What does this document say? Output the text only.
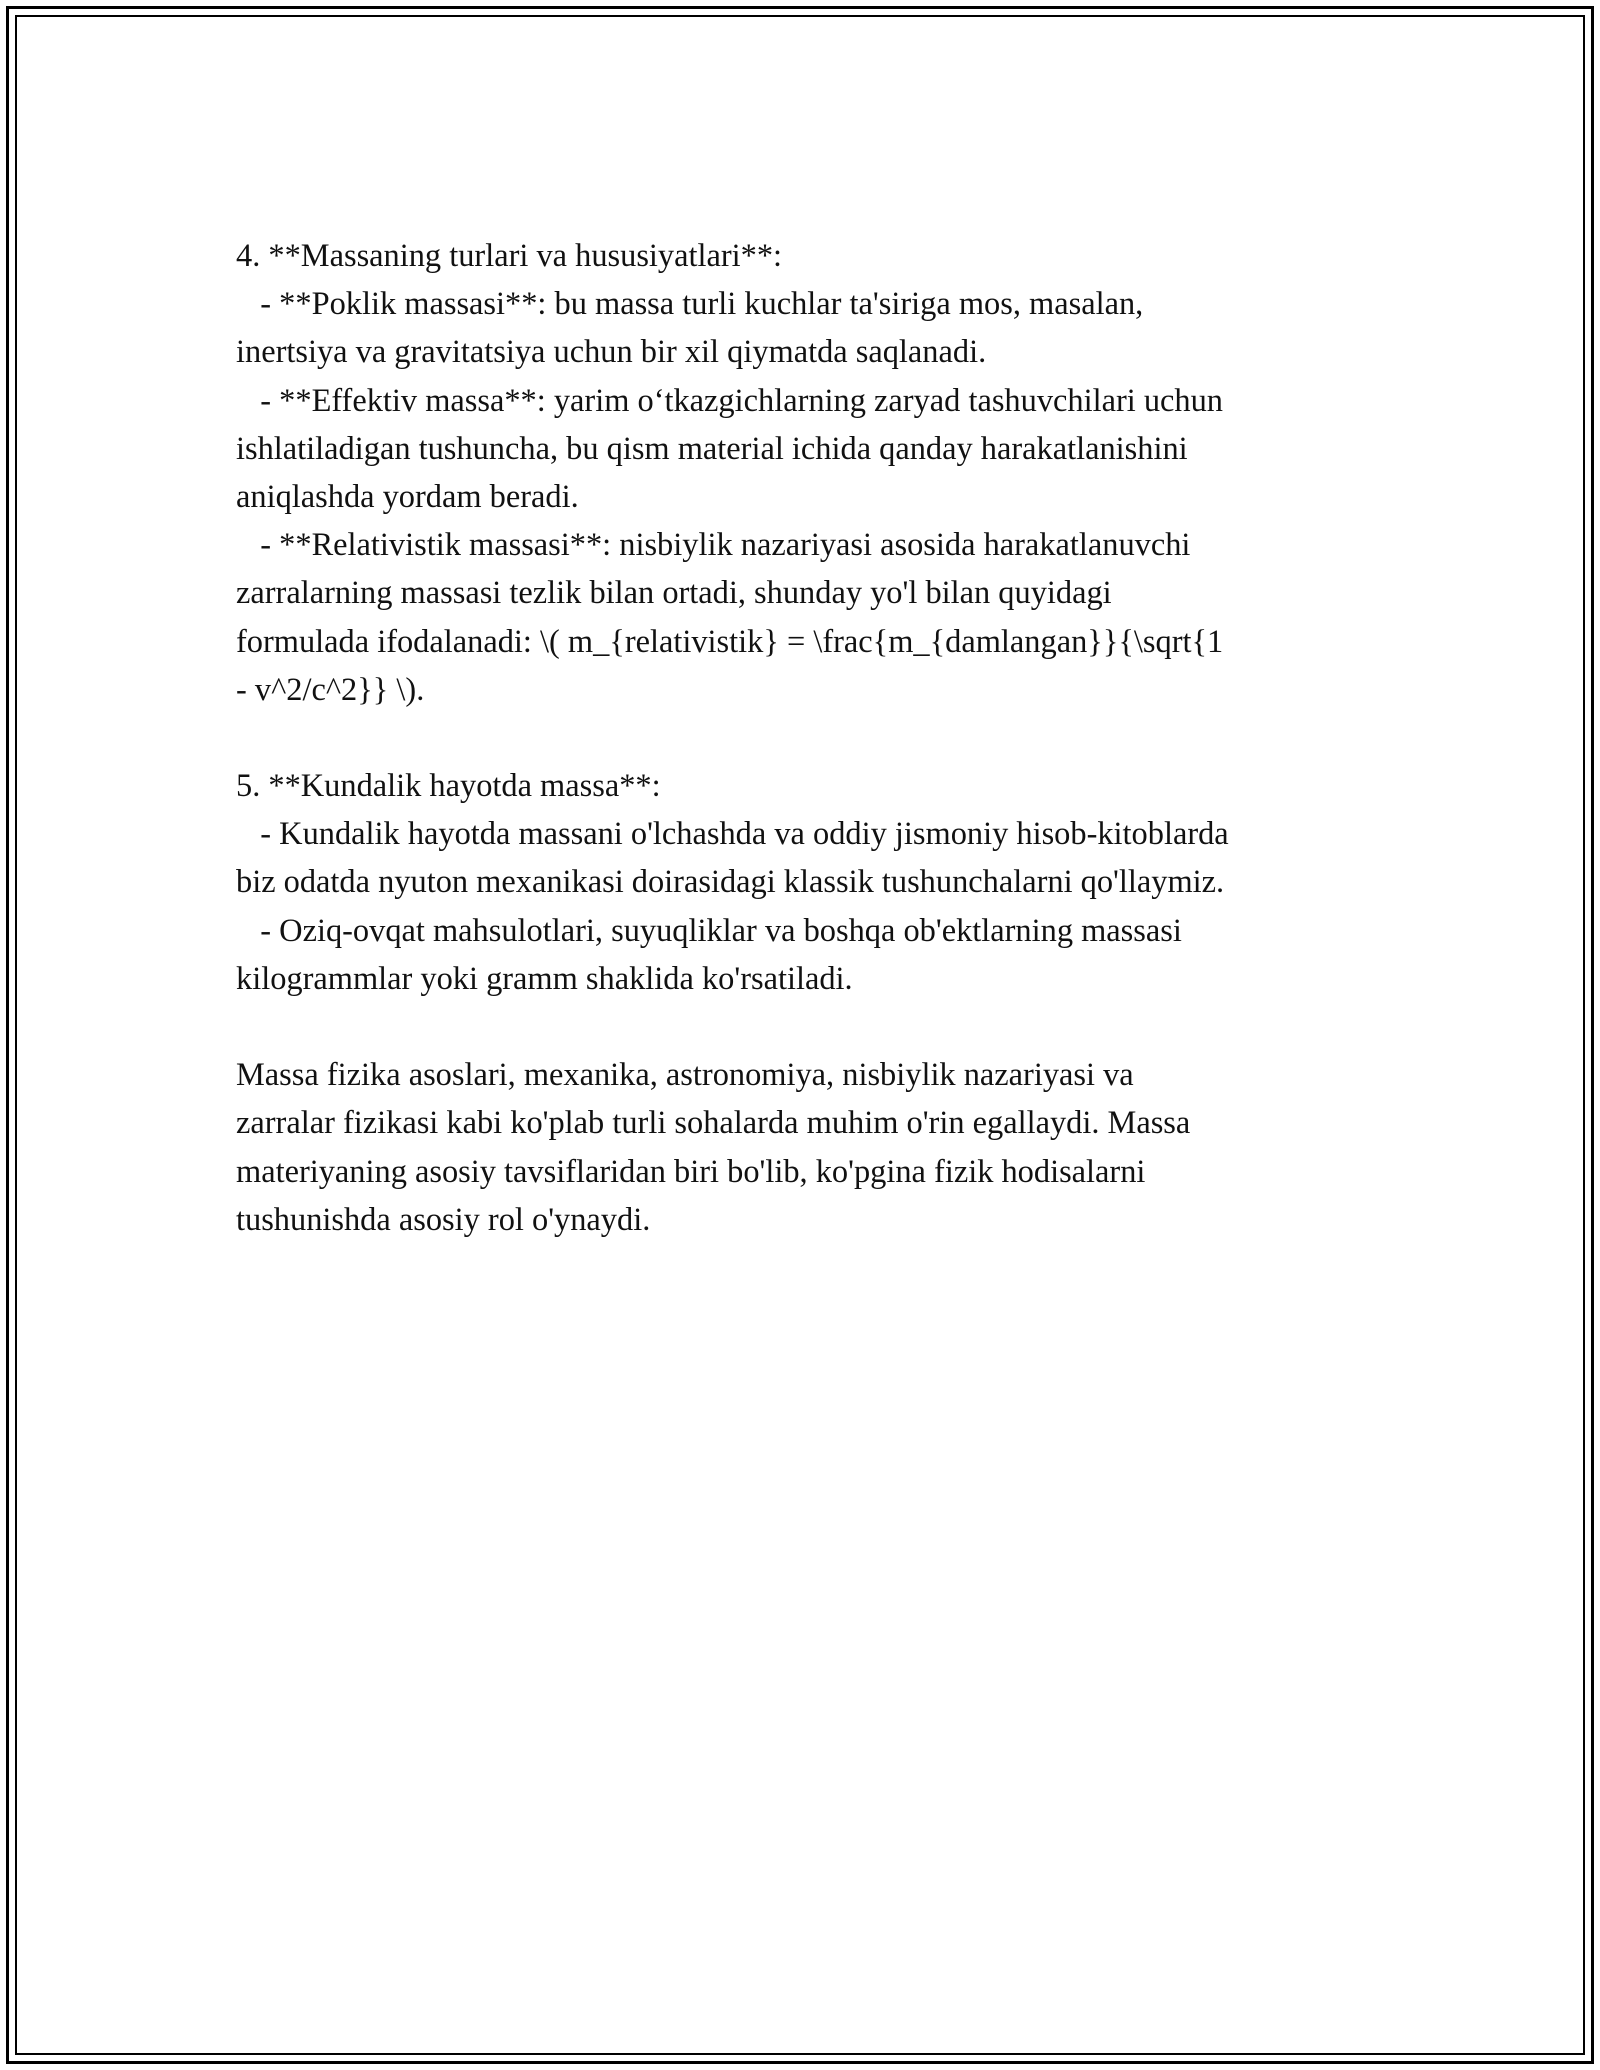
4. **Massaning turlari va hususiyatlari**:
- **Poklik massasi**: bu massa turli kuchlar ta'siriga mos, masalan,
inertsiya va gravitatsiya uchun bir xil qiymatda saqlanadi.
- **Effektiv massa**: yarim o‘tkazgichlarning zaryad tashuvchilari uchun
ishlatiladigan tushuncha, bu qism material ichida qanday harakatlanishini
aniqlashda yordam beradi.
- **Relativistik massasi**: nisbiylik nazariyasi asosida harakatlanuvchi
zarralarning massasi tezlik bilan ortadi, shunday yo'l bilan quyidagi
formulada ifodalanadi: \( m_{relativistik} = \frac{m_{damlangan}}{\sqrt{1
- v^2/c^2}} \).
5. **Kundalik hayotda massa**:
- Kundalik hayotda massani o'lchashda va oddiy jismoniy hisob-kitoblarda
biz odatda nyuton mexanikasi doirasidagi klassik tushunchalarni qo'llaymiz.
- Oziq-ovqat mahsulotlari, suyuqliklar va boshqa ob'ektlarning massasi
kilogrammlar yoki gramm shaklida ko'rsatiladi.
Massa fizika asoslari, mexanika, astronomiya, nisbiylik nazariyasi va
zarralar fizikasi kabi ko'plab turli sohalarda muhim o'rin egallaydi. Massa
materiyaning asosiy tavsiflaridan biri bo'lib, ko'pgina fizik hodisalarni
tushunishda asosiy rol o'ynaydi.
